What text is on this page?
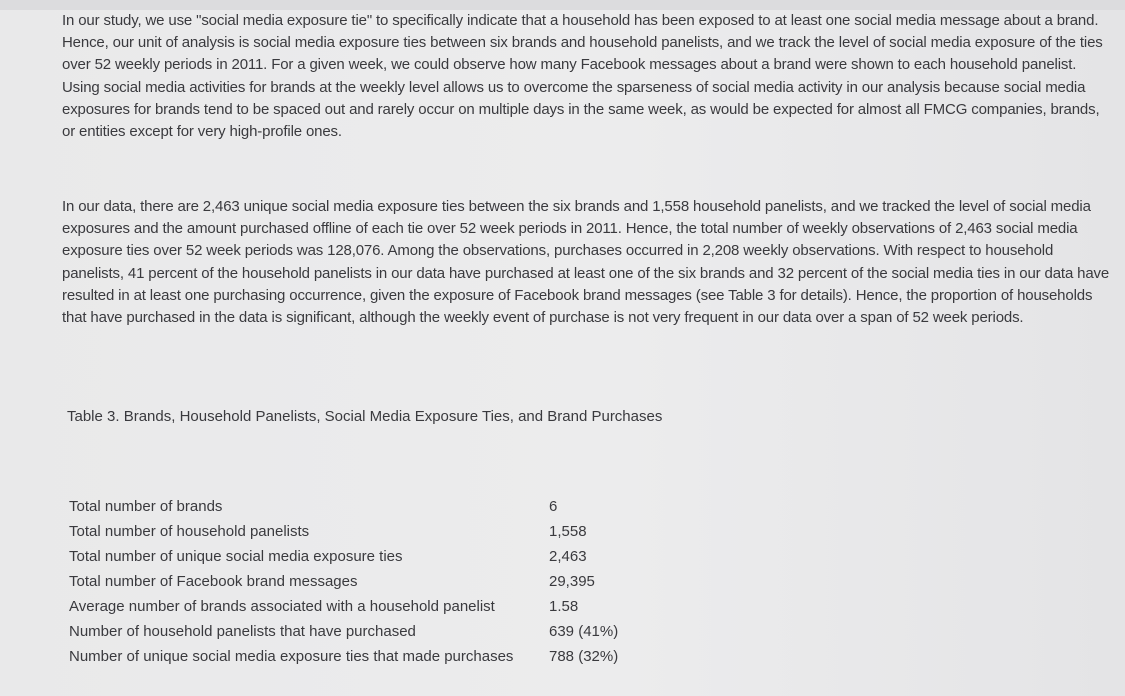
In our study, we use "social media exposure tie" to specifically indicate that a household has been exposed to at least one social media message about a brand. Hence, our unit of analysis is social media exposure ties between six brands and household panelists, and we track the level of social media exposure of the ties over 52 weekly periods in 2011. For a given week, we could observe how many Facebook messages about a brand were shown to each household panelist. Using social media activities for brands at the weekly level allows us to overcome the sparseness of social media activity in our analysis because social media exposures for brands tend to be spaced out and rarely occur on multiple days in the same week, as would be expected for almost all FMCG companies, brands, or entities except for very high-profile ones.

In our data, there are 2,463 unique social media exposure ties between the six brands and 1,558 household panelists, and we tracked the level of social media exposures and the amount purchased offline of each tie over 52 week periods in 2011. Hence, the total number of weekly observations of 2,463 social media exposure ties over 52 week periods was 128,076. Among the observations, purchases occurred in 2,208 weekly observations. With respect to household panelists, 41 percent of the household panelists in our data have purchased at least one of the six brands and 32 percent of the social media ties in our data have resulted in at least one purchasing occurrence, given the exposure of Facebook brand messages (see Table 3 for details). Hence, the proportion of households that have purchased in the data is significant, although the weekly event of purchase is not very frequent in our data over a span of 52 week periods.

Table 3. Brands, Household Panelists, Social Media Exposure Ties, and Brand Purchases

Total number of brands	6
Total number of household panelists	1,558
Total number of unique social media exposure ties	2,463
Total number of Facebook brand messages	29,395
Average number of brands associated with a household panelist	1.58
Number of household panelists that have purchased	639 (41%)
Number of unique social media exposure ties that made purchases	788 (32%)
